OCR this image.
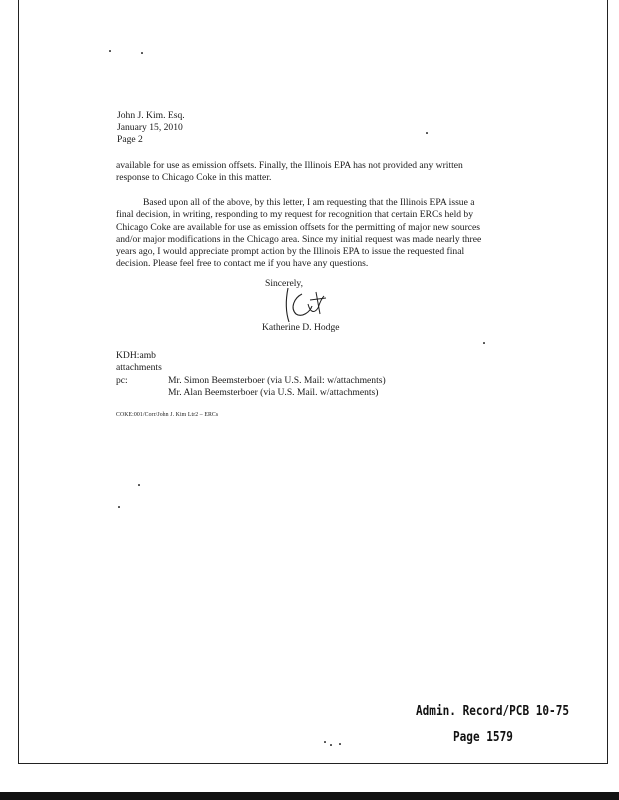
John J. Kim. Esq.
January 15, 2010
Page 2
available for use as emission offsets. Finally, the Illinois EPA has not provided any written
response to Chicago Coke in this matter.
Based upon all of the above, by this letter, I am requesting that the Illinois EPA issue a
final decision, in writing, responding to my request for recognition that certain ERCs held by
Chicago Coke are available for use as emission offsets for the permitting of major new sources
and/or major modifications in the Chicago area. Since my initial request was made nearly three
years ago, I would appreciate prompt action by the Illinois EPA to issue the requested final
decision. Please feel free to contact me if you have any questions.
Sincerely,
Katherine D. Hodge
KDH:amb
attachments
pc:	Mr. Simon Beemsterboer (via U.S. Mail: w/attachments)
Mr. Alan Beemsterboer (via U.S. Mail. w/attachments)
COKE:001/Corr/John J. Kim Ltr2 – ERCs
Admin. Record/PCB 10-75
Page 1579
